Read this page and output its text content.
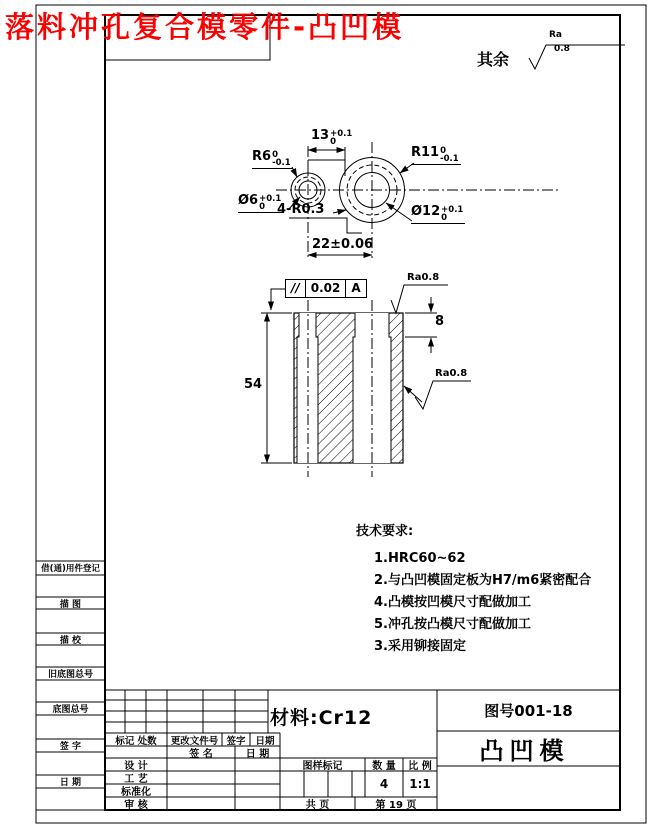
落料冲孔复合模零件-凸凹模
其余
Ra
0.8
13 +0.1
0
R6 0
-0.1
R11 0
-0.1
Ø6 +0.1
0	Ø12 +0.1
0
4-R0.3
22±0.06
// 0.02 A
Ra0.8
Ra0.8
54
8
技术要求:
1.HRC60~62
2.与凸凹模固定板为H7/m6紧密配合
4.凸模按凹模尺寸配做加工
5.冲孔按凸模尺寸配做加工
3.采用铆接固定
借(通)用件登记
描 图
描 校
旧底图总号
底图总号
签 字
日 期
材料:Cr12
标记 处数	更改文件号 签字	日期
签 名	日 期
设 计
工 艺
标准化
审 核
图样标记	数 量	比 例
4	1:1
共 页	第 19 页
图号001-18
凸凹模
